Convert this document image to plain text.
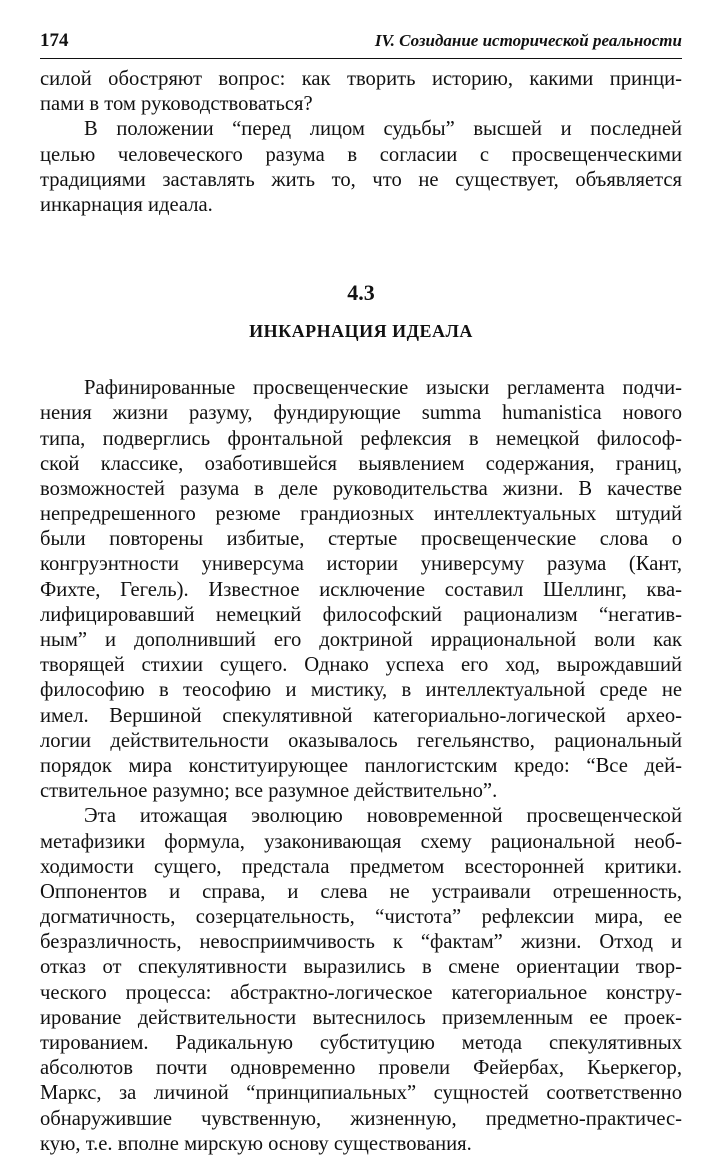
174	IV. Созидание исторической реальности
силой обостряют вопрос: как творить историю, какими принци-
пами в том руководствоваться?
В положении “перед лицом судьбы” высшей и последней
целью человеческого разума в согласии с просвещенческими
традициями заставлять жить то, что не существует, объявляется
инкарнация идеала.
4.3
ИНКАРНАЦИЯ ИДЕАЛА
Рафинированные просвещенческие изыски регламента подчи-
нения жизни разуму, фундирующие summa humanistica нового
типа, подверглись фронтальной рефлексия в немецкой философ-
ской классике, озаботившейся выявлением содержания, границ,
возможностей разума в деле руководительства жизни. В качестве
непредрешенного резюме грандиозных интеллектуальных штудий
были повторены избитые, стертые просвещенческие слова о
конгруэнтности универсума истории универсуму разума (Кант,
Фихте, Гегель). Известное исключение составил Шеллинг, ква-
лифицировавший немецкий философский рационализм “негатив-
ным” и дополнивший его доктриной иррациональной воли как
творящей стихии сущего. Однако успеха его ход, вырождавший
философию в теософию и мистику, в интеллектуальной среде не
имел. Вершиной спекулятивной категориально-логической архео-
логии действительности оказывалось гегельянство, рациональный
порядок мира конституирующее панлогистским кредо: “Все дей-
ствительное разумно; все разумное действительно”.
Эта итожащая эволюцию нововременной просвещенческой
метафизики формула, узаконивающая схему рациональной необ-
ходимости сущего, предстала предметом всесторонней критики.
Оппонентов и справа, и слева не устраивали отрешенность,
догматичность, созерцательность, “чистота” рефлексии мира, ее
безразличность, невосприимчивость к “фактам” жизни. Отход и
отказ от спекулятивности выразились в смене ориентации твор-
ческого процесса: абстрактно-логическое категориальное констру-
ирование действительности вытеснилось приземленным ее проек-
тированием. Радикальную субституцию метода спекулятивных
абсолютов почти одновременно провели Фейербах, Кьеркегор,
Маркс, за личиной “принципиальных” сущностей соответственно
обнаружившие чувственную, жизненную, предметно-практичес-
кую, т.е. вполне мирскую основу существования.
